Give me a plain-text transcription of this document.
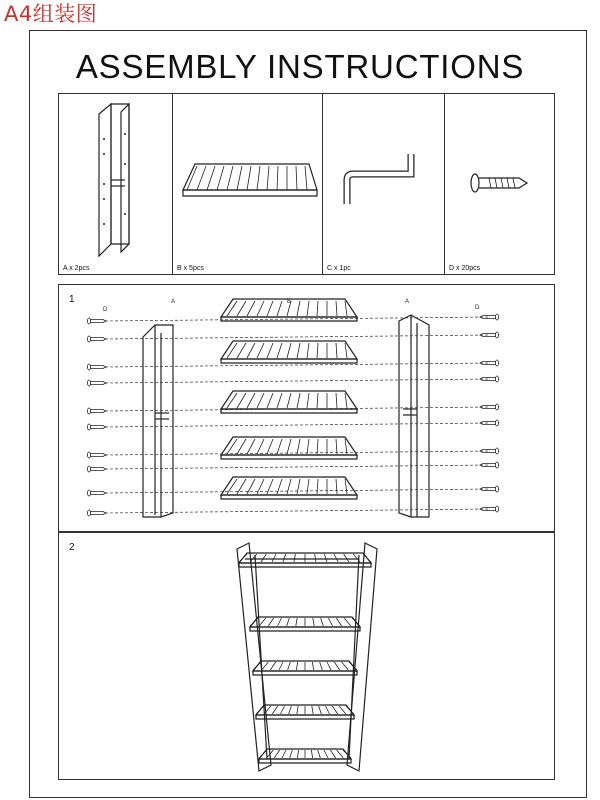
A4组装图
ASSEMBLY INSTRUCTIONS
A x 2pcs	B x 5pcs	C x 1pc	D x 20pcs
1
D
A	B	A
D
2
